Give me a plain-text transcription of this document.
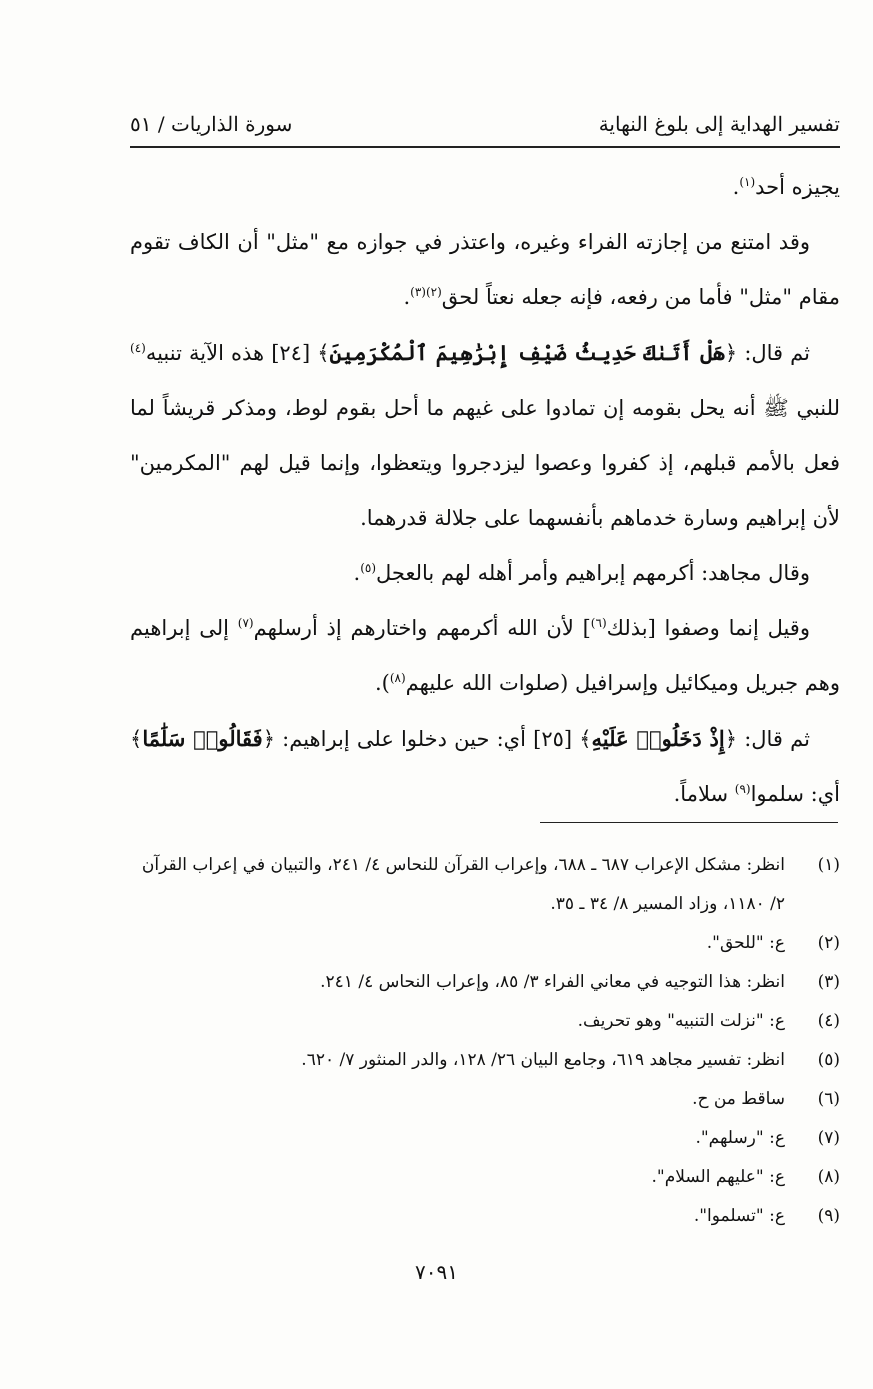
تفسير الهداية إلى بلوغ النهاية
سورة الذاريات / ٥١

يجيزه أحد$^{(١)}$.

وقد امتنع من إجازته الفراء وغيره، واعتذر في جوازه مع "مثل" أن الكاف تقوم مقام "مثل" فأما من رفعه، فإنه جعله نعتاً لحق$^{(٢)(٣)}$.

ثم قال: ﴿هَلْ أَتَىٰكَ حَدِيثُ ضَيْفِ إِبْرَٰهِيمَ ٱلْمُكْرَمِينَ﴾ [٢٤] هذه الآية تنبيه$^{(٤)}$ للنبي ﷺ أنه يحل بقومه إن تمادوا على غيهم ما أحل بقوم لوط، ومذكر قريشاً لما فعل بالأمم قبلهم، إذ كفروا وعصوا ليزدجروا ويتعظوا، وإنما قيل لهم "المكرمين" لأن إبراهيم وسارة خدماهم بأنفسهما على جلالة قدرهما.

وقال مجاهد: أكرمهم إبراهيم وأمر أهله لهم بالعجل$^{(٥)}$.

وقيل إنما وصفوا [بذلك$^{(٦)}$] لأن الله أكرمهم واختارهم إذ أرسلهم$^{(٧)}$ إلى إبراهيم وهم جبريل وميكائيل وإسرافيل (صلوات الله عليهم$^{(٨)}$).

ثم قال: ﴿إِذْ دَخَلُوا۟ عَلَيْهِ﴾ [٢٥] أي: حين دخلوا على إبراهيم: ﴿فَقَالُوا۟ سَلَٰمًا﴾ أي: سلموا$^{(٩)}$ سلاماً.

(١)
انظر: مشكل الإعراب ٦٨٧ ـ ٦٨٨، وإعراب القرآن للنحاس ٤/ ٢٤١، والتبيان في إعراب القرآن ٢/ ١١٨٠، وزاد المسير ٨/ ٣٤ ـ ٣٥.
(٢)
ع: "للحق".
(٣)
انظر: هذا التوجيه في معاني الفراء ٣/ ٨٥، وإعراب النحاس ٤/ ٢٤١.
(٤)
ع: "نزلت التنبيه" وهو تحريف.
(٥)
انظر: تفسير مجاهد ٦١٩، وجامع البيان ٢٦/ ١٢٨، والدر المنثور ٧/ ٦٢٠.
(٦)
ساقط من ح.
(٧)
ع: "رسلهم".
(٨)
ع: "عليهم السلام".
(٩)
ع: "تسلموا".
٧٠٩١
